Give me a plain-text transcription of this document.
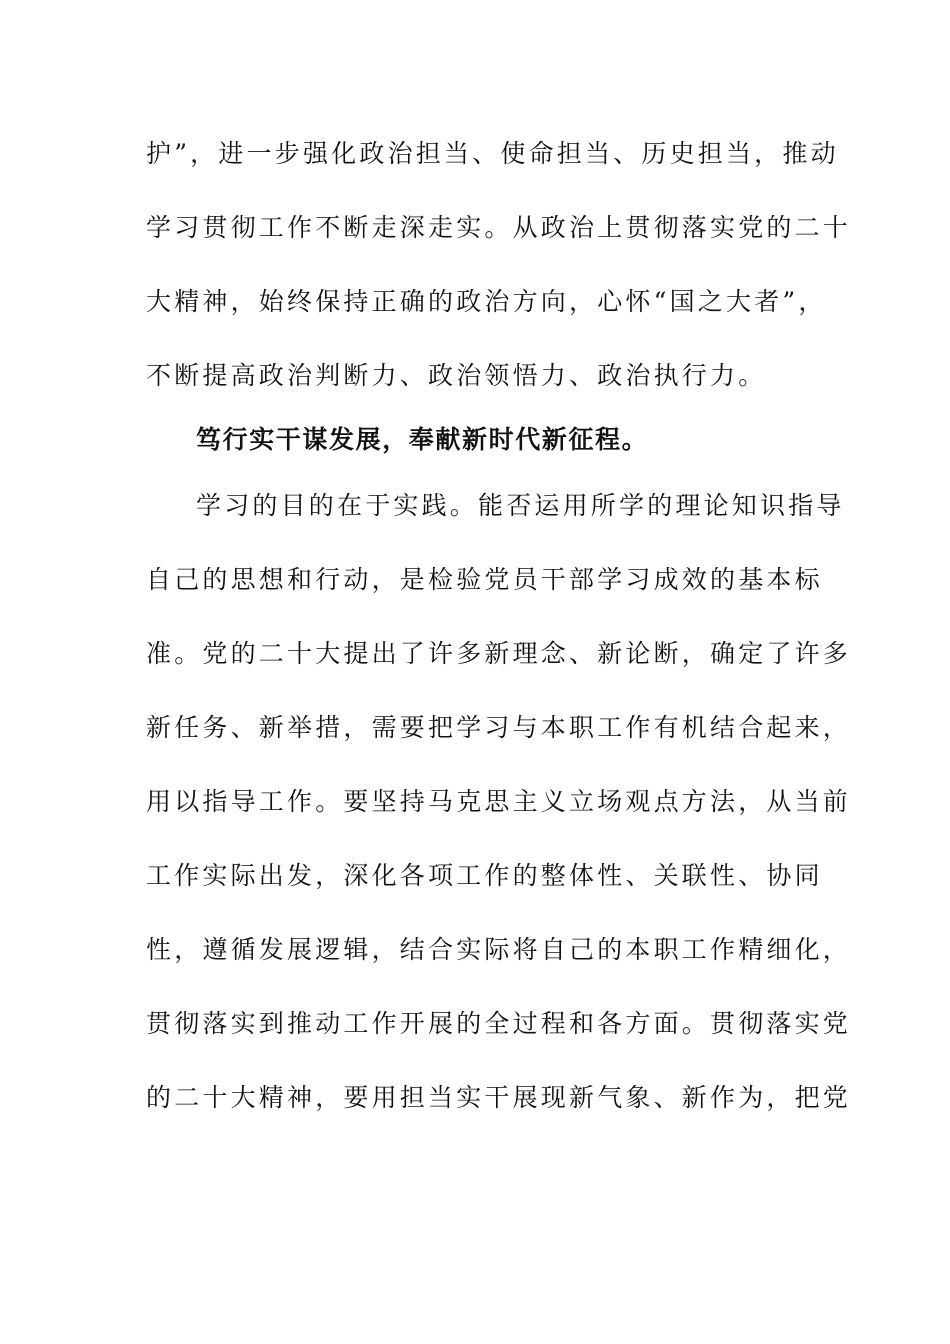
护”，进一步强化政治担当、使命担当、历史担当，推动
学习贯彻工作不断走深走实。从政治上贯彻落实党的二十
大精神，始终保持正确的政治方向，心怀“国之大者”，
不断提高政治判断力、政治领悟力、政治执行力。
笃行实干谋发展，奉献新时代新征程。
学习的目的在于实践。能否运用所学的理论知识指导
自己的思想和行动，是检验党员干部学习成效的基本标
准。党的二十大提出了许多新理念、新论断，确定了许多
新任务、新举措，需要把学习与本职工作有机结合起来，
用以指导工作。要坚持马克思主义立场观点方法，从当前
工作实际出发，深化各项工作的整体性、关联性、协同
性，遵循发展逻辑，结合实际将自己的本职工作精细化，
贯彻落实到推动工作开展的全过程和各方面。贯彻落实党
的二十大精神，要用担当实干展现新气象、新作为，把党
